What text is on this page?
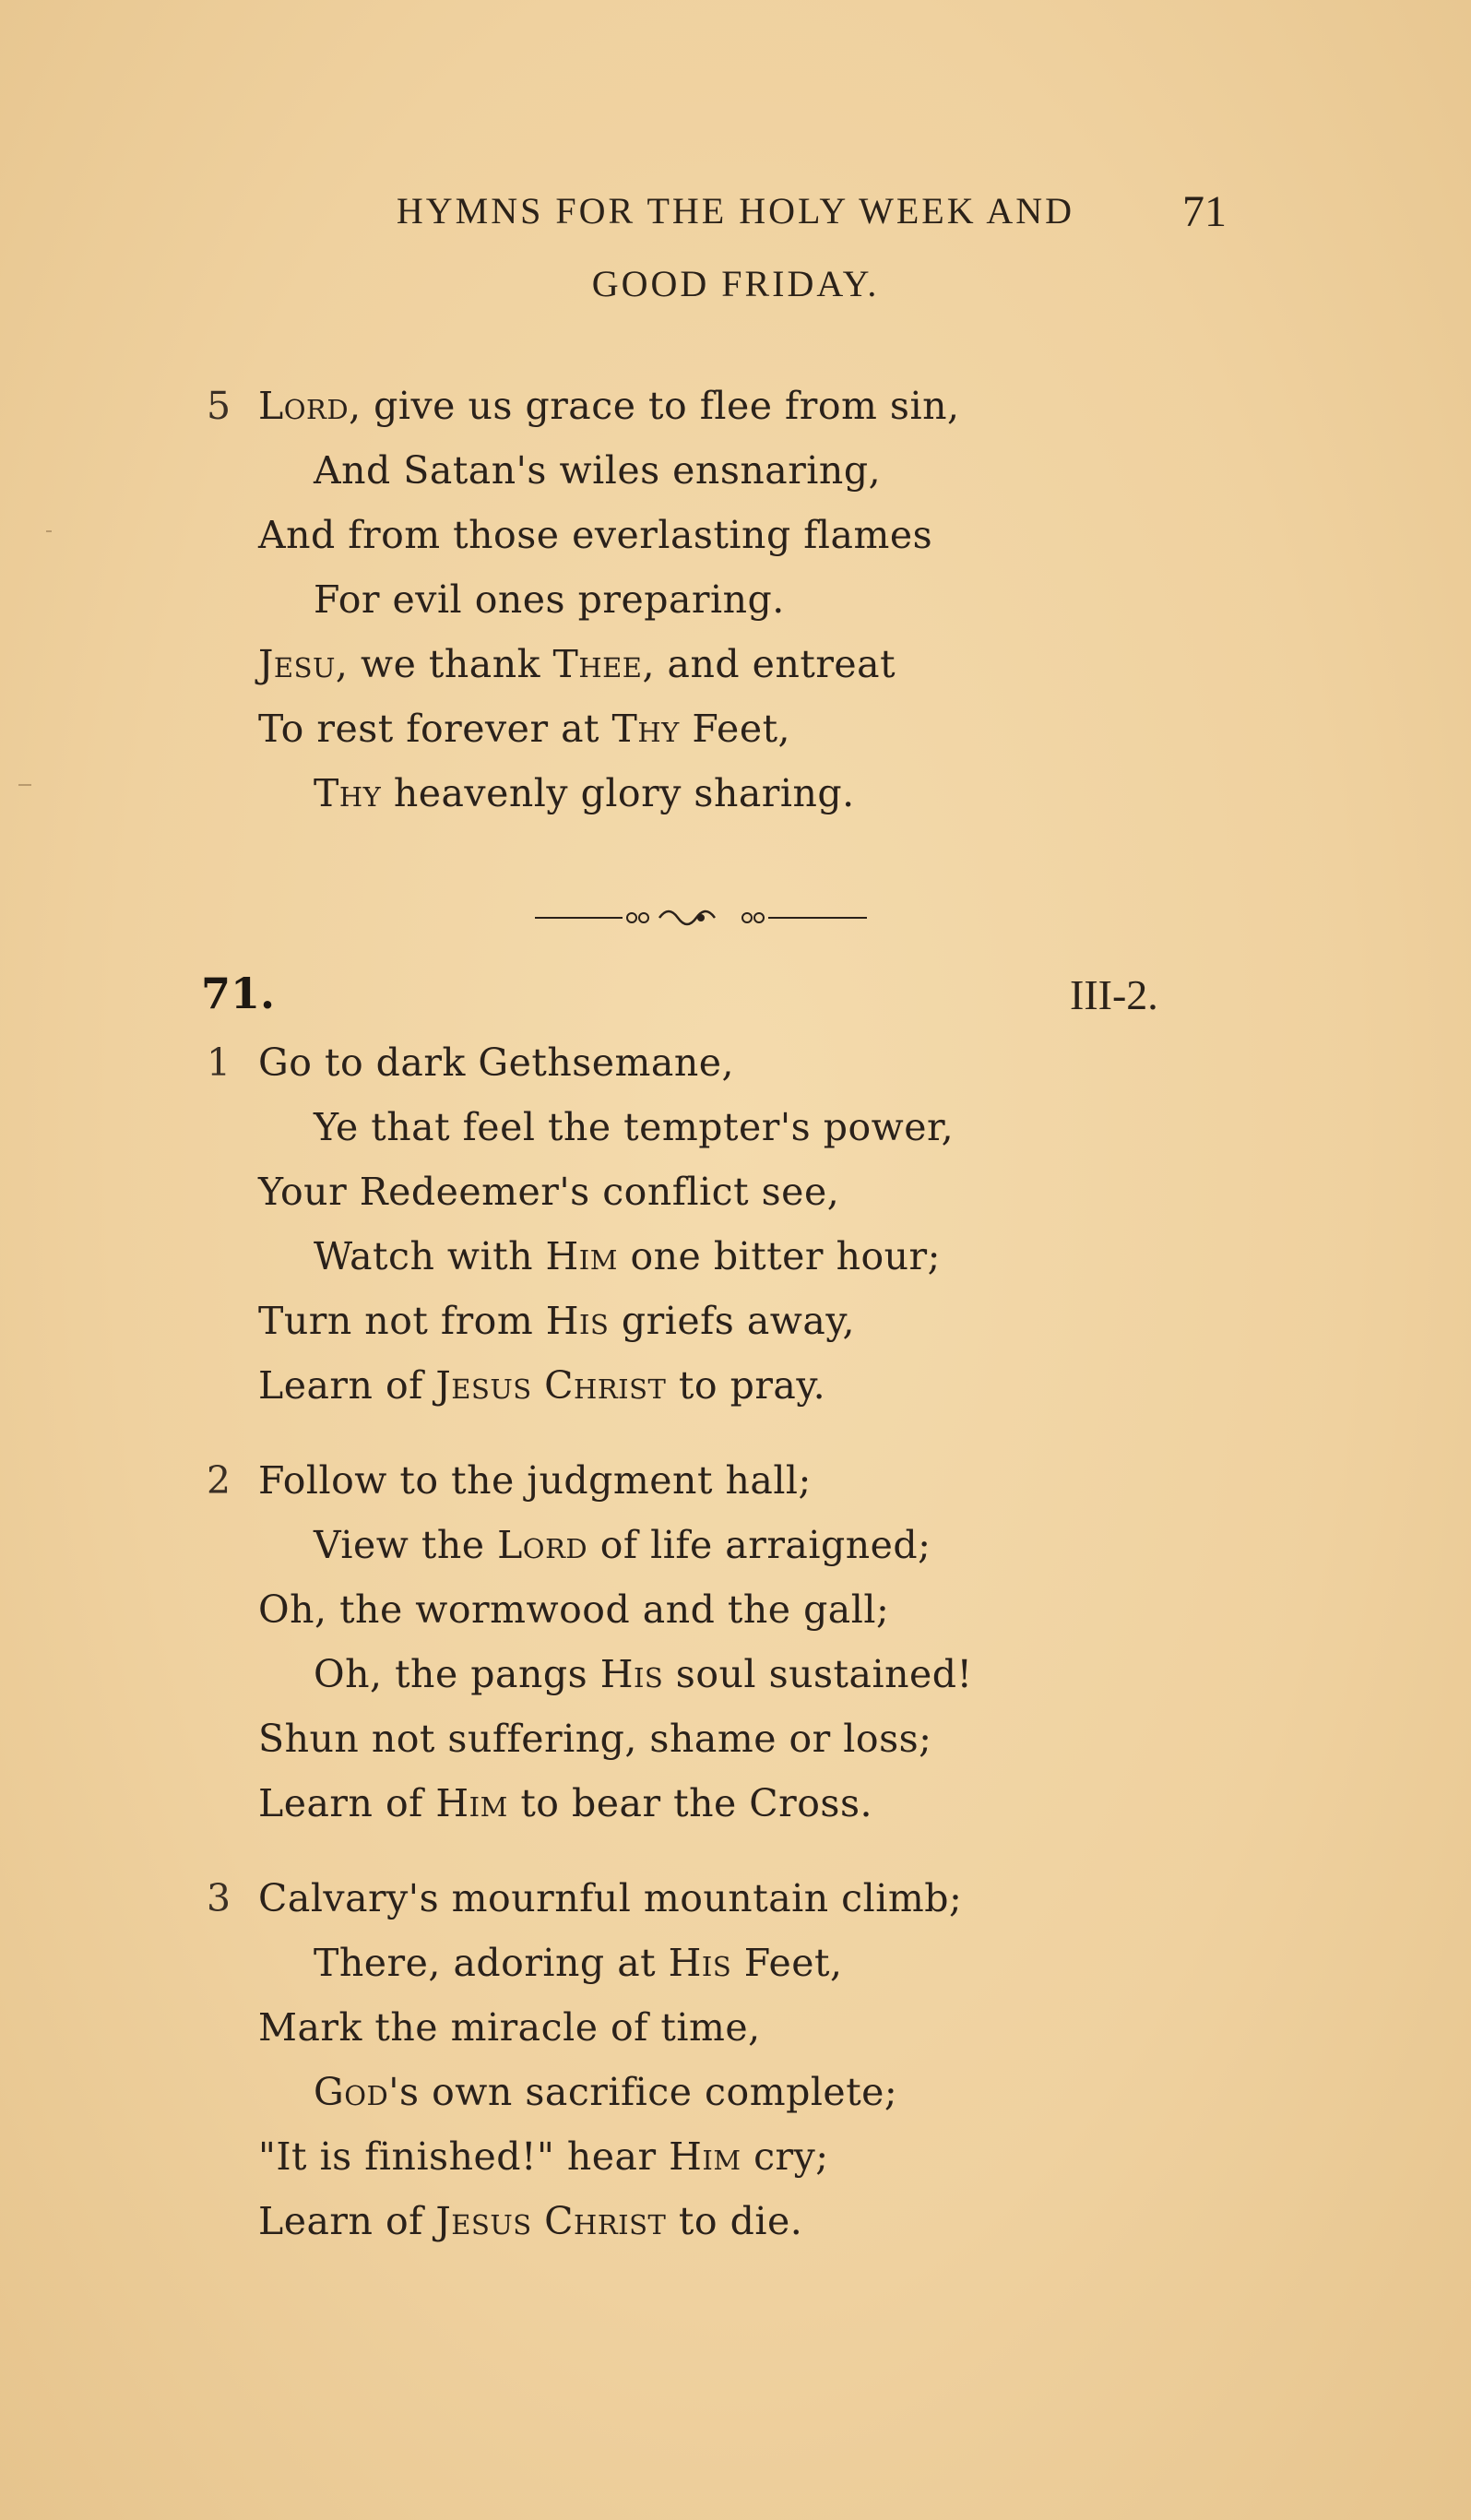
HYMNS FOR THE HOLY WEEK AND
GOOD FRIDAY.
71
5 Lord, give us grace to flee from sin,
And Satan's wiles ensnaring,
And from those everlasting flames
For evil ones preparing.
Jesu, we thank Thee, and entreat
To rest forever at Thy Feet,
Thy heavenly glory sharing.
71.	III-2.
1 Go to dark Gethsemane,
Ye that feel the tempter's power,
Your Redeemer's conflict see,
Watch with Him one bitter hour;
Turn not from His griefs away,
Learn of Jesus Christ to pray.
2 Follow to the judgment hall;
View the Lord of life arraigned;
Oh, the wormwood and the gall;
Oh, the pangs His soul sustained!
Shun not suffering, shame or loss;
Learn of Him to bear the Cross.
3 Calvary's mournful mountain climb;
There, adoring at His Feet,
Mark the miracle of time,
God's own sacrifice complete;
"It is finished!" hear Him cry;
Learn of Jesus Christ to die.
